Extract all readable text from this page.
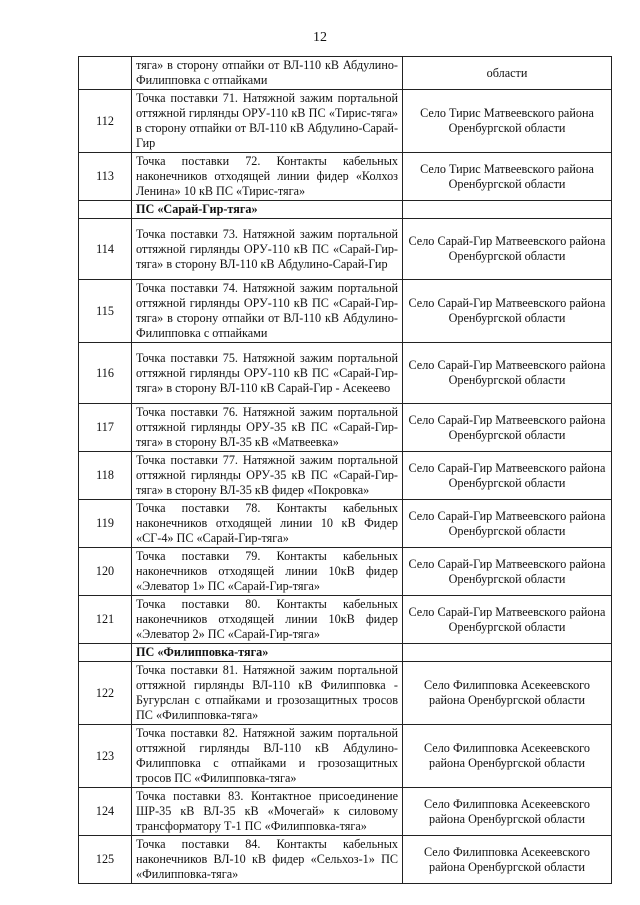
12
	тяга» в сторону отпайки от ВЛ-110 кВ Абдулино-Филипповка с отпайками	области
112	Точка поставки 71. Натяжной зажим портальной оттяжной гирлянды ОРУ-110 кВ ПС «Тирис-тяга» в сторону отпайки от ВЛ-110 кВ Абдулино-Сарай-Гир	Село Тирис Матвеевского района Оренбургской области
113	Точка поставки 72. Контакты кабельных наконечников отходящей линии фидер «Колхоз Ленина» 10 кВ ПС «Тирис-тяга»	Село Тирис Матвеевского района Оренбургской области
	ПС «Сарай-Гир-тяга»	
114	Точка поставки 73. Натяжной зажим портальной оттяжной гирлянды ОРУ-110 кВ ПС «Сарай-Гир-тяга» в сторону ВЛ-110 кВ Абдулино-Сарай-Гир	Село Сарай-Гир Матвеевского района Оренбургской области
115	Точка поставки 74. Натяжной зажим портальной оттяжной гирлянды ОРУ-110 кВ ПС «Сарай-Гир-тяга» в сторону отпайки от ВЛ-110 кВ Абдулино-Филипповка с отпайками	Село Сарай-Гир Матвеевского района Оренбургской области
116	Точка поставки 75. Натяжной зажим портальной оттяжной гирлянды ОРУ-110 кВ ПС «Сарай-Гир-тяга» в сторону ВЛ-110 кВ Сарай-Гир - Асекеево	Село Сарай-Гир Матвеевского района Оренбургской области
117	Точка поставки 76. Натяжной зажим портальной оттяжной гирлянды ОРУ-35 кВ ПС «Сарай-Гир-тяга» в сторону ВЛ-35 кВ «Матвеевка»	Село Сарай-Гир Матвеевского района Оренбургской области
118	Точка поставки 77. Натяжной зажим портальной оттяжной гирлянды ОРУ-35 кВ ПС «Сарай-Гир-тяга» в сторону ВЛ-35 кВ фидер «Покровка»	Село Сарай-Гир Матвеевского района Оренбургской области
119	Точка поставки 78. Контакты кабельных наконечников отходящей линии 10 кВ Фидер «СГ-4» ПС «Сарай-Гир-тяга»	Село Сарай-Гир Матвеевского района Оренбургской области
120	Точка поставки 79. Контакты кабельных наконечников отходящей линии 10кВ фидер «Элеватор 1» ПС «Сарай-Гир-тяга»	Село Сарай-Гир Матвеевского района Оренбургской области
121	Точка поставки 80. Контакты кабельных наконечников отходящей линии 10кВ фидер «Элеватор 2» ПС «Сарай-Гир-тяга»	Село Сарай-Гир Матвеевского района Оренбургской области
	ПС «Филипповка-тяга»	
122	Точка поставки 81. Натяжной зажим портальной оттяжной гирлянды ВЛ-110 кВ Филипповка - Бугурслан с отпайками и грозозащитных тросов ПС «Филипповка-тяга»	Село Филипповка Асекеевского района Оренбургской области
123	Точка поставки 82. Натяжной зажим портальной оттяжной гирлянды ВЛ-110 кВ Абдулино-Филипповка с отпайками и грозозащитных тросов ПС «Филипповка-тяга»	Село Филипповка Асекеевского района Оренбургской области
124	Точка поставки 83. Контактное присоединение ШР-35 кВ ВЛ-35 кВ «Мочегай» к силовому трансформатору Т-1 ПС «Филипповка-тяга»	Село Филипповка Асекеевского района Оренбургской области
125	Точка поставки 84. Контакты кабельных наконечников ВЛ-10 кВ фидер «Сельхоз-1» ПС «Филипповка-тяга»	Село Филипповка Асекеевского района Оренбургской области
